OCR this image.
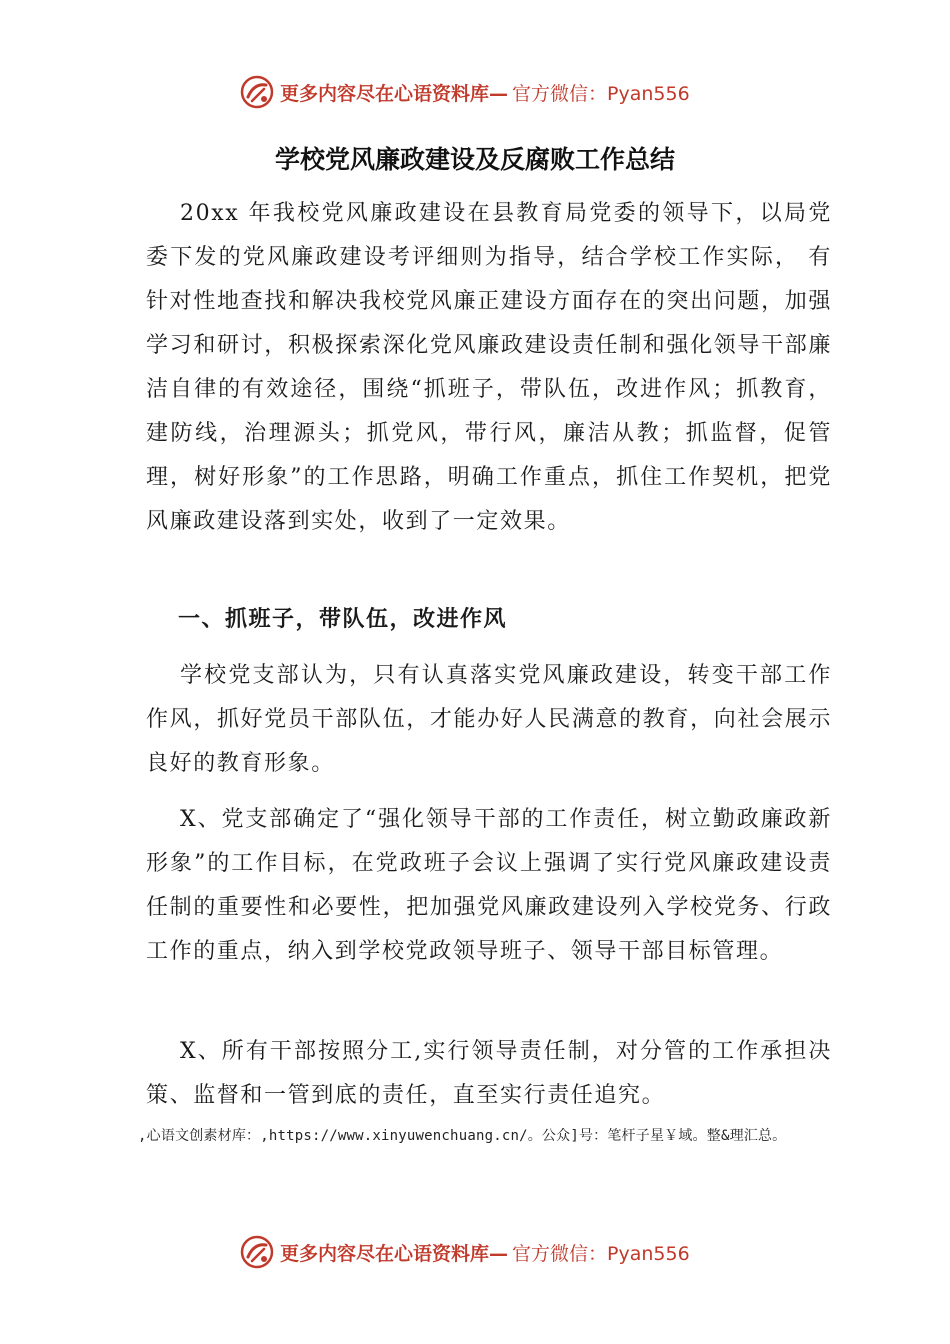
更多内容尽在心语资料库— 官方微信：Pyan556
学校党风廉政建设及反腐败工作总结
20xx 年我校党风廉政建设在县教育局党委的领导下，以局党委下发的党风廉政建设考评细则为指导，结合学校工作实际， 有针对性地查找和解决我校党风廉正建设方面存在的突出问题，加强学习和研讨，积极探索深化党风廉政建设责任制和强化领导干部廉洁自律的有效途径，围绕“抓班子，带队伍，改进作风；抓教育，建防线，治理源头；抓党风，带行风，廉洁从教；抓监督，促管理，树好形象”的工作思路，明确工作重点，抓住工作契机，把党风廉政建设落到实处，收到了一定效果。
一、抓班子，带队伍，改进作风
学校党支部认为，只有认真落实党风廉政建设，转变干部工作作风，抓好党员干部队伍，才能办好人民满意的教育，向社会展示良好的教育形象。
X、党支部确定了“强化领导干部的工作责任，树立勤政廉政新形象”的工作目标，在党政班子会议上强调了实行党风廉政建设责任制的重要性和必要性，把加强党风廉政建设列入学校党务、行政工作的重点，纳入到学校党政领导班子、领导干部目标管理。
X、所有干部按照分工,实行领导责任制，对分管的工作承担决策、监督和一管到底的责任，直至实行责任追究。
,心语文创素材库：,https://www.xinyuwenchuang.cn/。公众]号：笔杆子星￥域。整&理汇总。
更多内容尽在心语资料库— 官方微信：Pyan556
